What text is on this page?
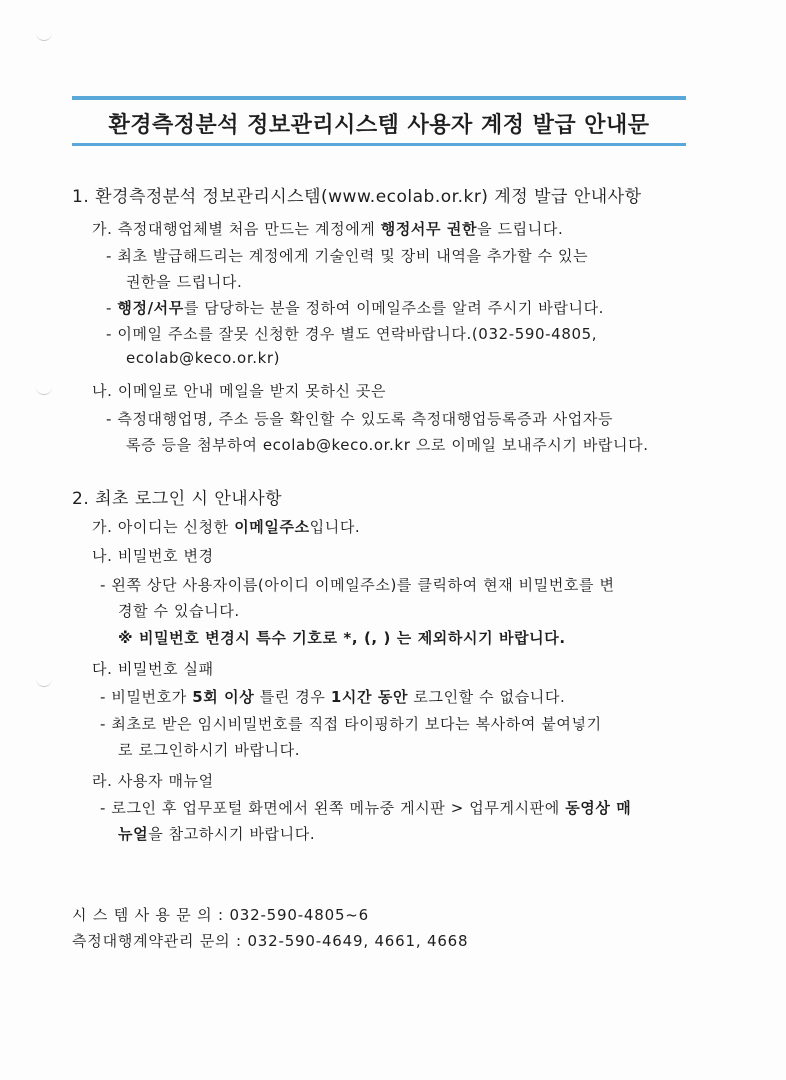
환경측정분석 정보관리시스템 사용자 계정 발급 안내문
1. 환경측정분석 정보관리시스템(www.ecolab.or.kr) 계정 발급 안내사항
가. 측정대행업체별 처음 만드는 계정에게 행정서무 권한을 드립니다.
- 최초 발급해드리는 계정에게 기술인력 및 장비 내역을 추가할 수 있는
권한을 드립니다.
- 행정/서무를 담당하는 분을 정하여 이메일주소를 알려 주시기 바랍니다.
- 이메일 주소를 잘못 신청한 경우 별도 연락바랍니다.(032-590-4805,
ecolab@keco.or.kr)
나. 이메일로 안내 메일을 받지 못하신 곳은
- 측정대행업명, 주소 등을 확인할 수 있도록 측정대행업등록증과 사업자등
록증 등을 첨부하여 ecolab@keco.or.kr 으로 이메일 보내주시기 바랍니다.
2. 최초 로그인 시 안내사항
가. 아이디는 신청한 이메일주소입니다.
나. 비밀번호 변경
- 왼쪽 상단 사용자이름(아이디 이메일주소)를 클릭하여 현재 비밀번호를 변
경할 수 있습니다.
※ 비밀번호 변경시 특수 기호로 *, (, ) 는 제외하시기 바랍니다.
다. 비밀번호 실패
- 비밀번호가 5회 이상 틀린 경우 1시간 동안 로그인할 수 없습니다.
- 최초로 받은 임시비밀번호를 직접 타이핑하기 보다는 복사하여 붙여넣기
로 로그인하시기 바랍니다.
라. 사용자 매뉴얼
- 로그인 후 업무포털 화면에서 왼쪽 메뉴중 게시판 > 업무게시판에 동영상 매
뉴얼을 참고하시기 바랍니다.
시 스 템 사 용 문 의 : 032-590-4805~6
측정대행계약관리 문의 : 032-590-4649, 4661, 4668
